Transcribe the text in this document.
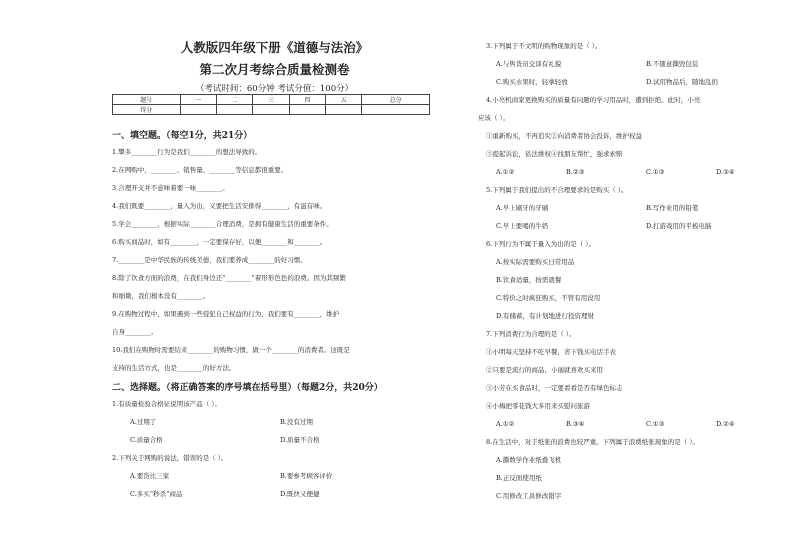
人教版四年级下册《道德与法治》
第二次月考综合质量检测卷
（考试时间：60分钟 考试分值：100分）
题号	一	二	三	四	五	总分
得分						
一、填空题。（每空1分，共21分）
1.攀多________行为是我们________的想法导致的。
2.在网购中，________、销售量、________等信息都很重要。
3.合理开支并不意味着要一味________。
4.我们既要________，量入为出，又要把生活安排得________，有滋有味。
5.学会________，根据实际________合理消费，是拥有健康生活的重要条件。
6.购买商品时，如有________，一定要保存好，以便________和________。
7.________是中华民族的传统美德，我们要养成________的好习惯。
8.除了饮食方面的浪费，在我们身边还“________”着形形色色的浪费。因为其频繁
和细微，我们根本没有________。
9.在购物过程中，如果遇到一些侵犯自己权益的行为，我们要有________，维护
自身________。
10.我们在购物时需要结来________的购物习惯，做一个________的消费者。这既是
支持的生活方式，也是________的好方法。
二、选择题。（将正确答案的序号填在括号里）（每题2分，共20分）
1.有质量检验合格证说明该产品（ ）。
A.过期了	B.没有过期
C.质量合格	D.质量不合格
2.下列关于网购的说法，错误的是（ ）。
A.要货比三家	B.要参考顾客评价
C.多买“秒杀”商品	D.既快又便捷
3.下列属于不文明的购物现象的是（ ）。
A.与售货员交谈有礼貌	B.不随意撕毁包装
C.购买水果时，轻拿轻放	D.试用物品后，随地乱扔
4.小亮机商家更换购买的质量有问题的学习用品时，遭到拒绝。此时，小亮
应该（ ）。
①重新购买，不再追究②向消费者协会投诉，维护权益
③提起诉讼，依法维权④找朋友帮忙，强求索赔
A.①②	B.②③	C.①③	D.③④
5.下列属于我们提出的不合理要求的是购买（ ）。
A.早上刷牙的牙刷	B.写作业用的铅笔
C.早上要喝的牛奶	D.打游戏用的平板电脑
6.下列行为不属于量入为出的是（ ）。
A.按实际需要购买日常用品
B.饮食适量，按需就餐
C.特价之时疯狂购买，不管有用没用
D.有储蓄，有计划地进行投资理财
7.下列消费行为合理的是（ ）。
①小明每天坚持不吃早餐，省下钱买电话手表
②只要是流行的商品，小丽就喜欢买来用
③小芳在买食品时，一定要看看是否有绿色标志
④小梅把零花钱大多用来买慰问旅游
A.①②	B.③④	C.①③	D.②④
8.在生活中，对于纸张的浪费也较严重。下列属于浪费纸张现象的是（ ）。
A.撕数学作业纸叠飞机
B.正反面使用纸
C.用修改工具修改错字
